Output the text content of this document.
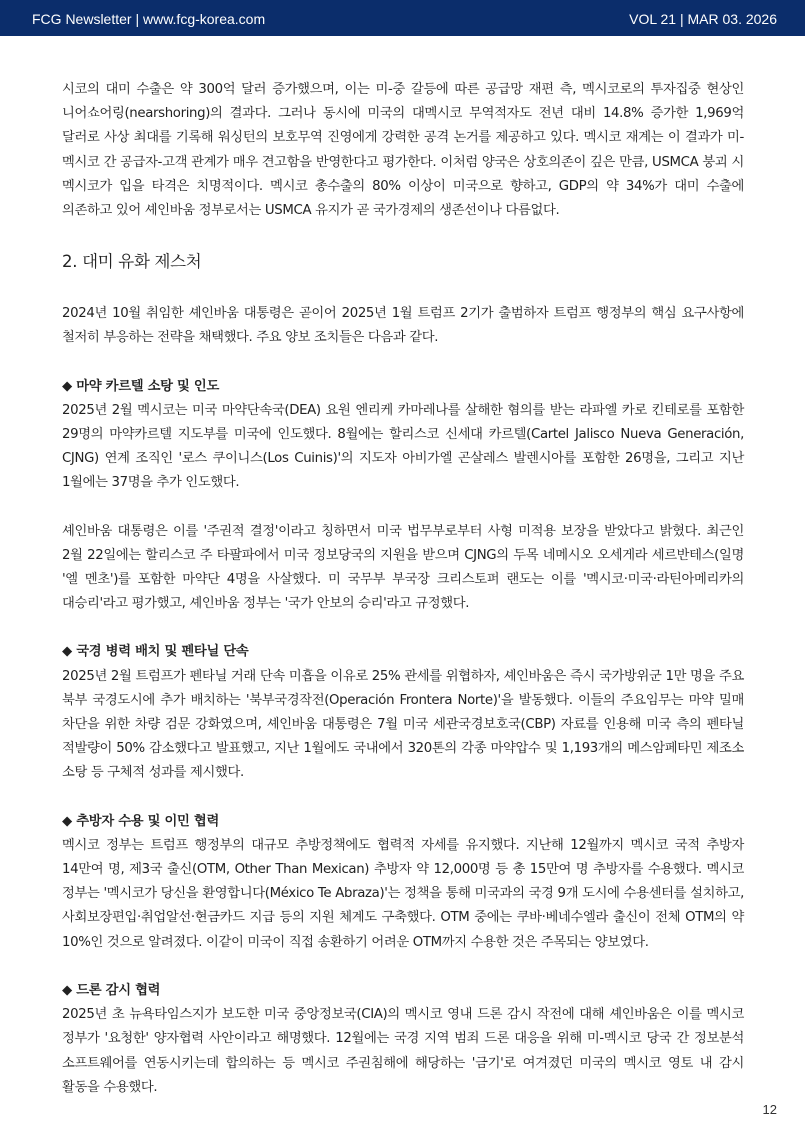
FCG Newsletter | www.fcg-korea.com	VOL 21 | MAR 03. 2026

시코의 대미 수출은 약 300억 달러 증가했으며, 이는 미-중 갈등에 따른 공급망 재편 측, 멕시코로의 투자집중 현상인 니어쇼어링(nearshoring)의 결과다. 그러나 동시에 미국의 대멕시코 무역적자도 전년 대비 14.8% 증가한 1,969억 달러로 사상 최대를 기록해 워싱턴의 보호무역 진영에게 강력한 공격 논거를 제공하고 있다. 멕시코 재계는 이 결과가 미-멕시코 간 공급자-고객 관계가 매우 견고함을 반영한다고 평가한다. 이처럼 양국은 상호의존이 깊은 만큼, USMCA 붕괴 시 멕시코가 입을 타격은 치명적이다. 멕시코 총수출의 80% 이상이 미국으로 향하고, GDP의 약 34%가 대미 수출에 의존하고 있어 셰인바움 정부로서는 USMCA 유지가 곧 국가경제의 생존선이나 다름없다.

2. 대미 유화 제스처

2024년 10월 취임한 셰인바움 대통령은 곧이어 2025년 1월 트럼프 2기가 출범하자 트럼프 행정부의 핵심 요구사항에 철저히 부응하는 전략을 채택했다. 주요 양보 조치들은 다음과 같다.

◆ 마약 카르텔 소탕 및 인도

2025년 2월 멕시코는 미국 마약단속국(DEA) 요원 엔리케 카마레나를 살해한 혐의를 받는 라파엘 카로 킨테로를 포함한 29명의 마약카르텔 지도부를 미국에 인도했다. 8월에는 할리스코 신세대 카르텔(Cartel Jalisco Nueva Generación, CJNG) 연계 조직인 '로스 쿠이니스(Los Cuinis)'의 지도자 아비가엘 곤살레스 발렌시아를 포함한 26명을, 그리고 지난 1월에는 37명을 추가 인도했다.

셰인바움 대통령은 이를 '주권적 결정'이라고 칭하면서 미국 법무부로부터 사형 미적용 보장을 받았다고 밝혔다. 최근인 2월 22일에는 할리스코 주 타팔파에서 미국 정보당국의 지원을 받으며 CJNG의 두목 네메시오 오세게라 세르반테스(일명 '엘 멘초')를 포함한 마약단 4명을 사살했다. 미 국무부 부국장 크리스토퍼 랜도는 이를 '멕시코·미국·라틴아메리카의 대승리'라고 평가했고, 셰인바움 정부는 '국가 안보의 승리'라고 규정했다.

◆ 국경 병력 배치 및 펜타닐 단속

2025년 2월 트럼프가 펜타닐 거래 단속 미흡을 이유로 25% 관세를 위협하자, 셰인바움은 즉시 국가방위군 1만 명을 주요 북부 국경도시에 추가 배치하는 '북부국경작전(Operación Frontera Norte)'을 발동했다. 이들의 주요임무는 마약 밀매 차단을 위한 차량 검문 강화였으며, 셰인바움 대통령은 7월 미국 세관국경보호국(CBP) 자료를 인용해 미국 측의 펜타닐 적발량이 50% 감소했다고 발표했고, 지난 1월에도 국내에서 320톤의 각종 마약압수 및 1,193개의 메스암페타민 제조소 소탕 등 구체적 성과를 제시했다.

◆ 추방자 수용 및 이민 협력

멕시코 정부는 트럼프 행정부의 대규모 추방정책에도 협력적 자세를 유지했다. 지난해 12월까지 멕시코 국적 추방자 14만여 명, 제3국 출신(OTM, Other Than Mexican) 추방자 약 12,000명 등 총 15만여 명 추방자를 수용했다. 멕시코 정부는 '멕시코가 당신을 환영합니다(México Te Abraza)'는 정책을 통해 미국과의 국경 9개 도시에 수용센터를 설치하고, 사회보장편입·취업알선·현금카드 지급 등의 지원 체계도 구축했다. OTM 중에는 쿠바·베네수엘라 출신이 전체 OTM의 약 10%인 것으로 알려졌다. 이같이 미국이 직접 송환하기 어려운 OTM까지 수용한 것은 주목되는 양보였다.

◆ 드론 감시 협력

2025년 초 뉴욕타임스지가 보도한 미국 중앙정보국(CIA)의 멕시코 영내 드론 감시 작전에 대해 셰인바움은 이를 멕시코 정부가 '요청한' 양자협력 사안이라고 해명했다. 12월에는 국경 지역 범죄 드론 대응을 위해 미-멕시코 당국 간 정보분석 소프트웨어를 연동시키는데 합의하는 등 멕시코 주권침해에 해당하는 '금기'로 여겨졌던 미국의 멕시코 영토 내 감시 활동을 수용했다.

12
